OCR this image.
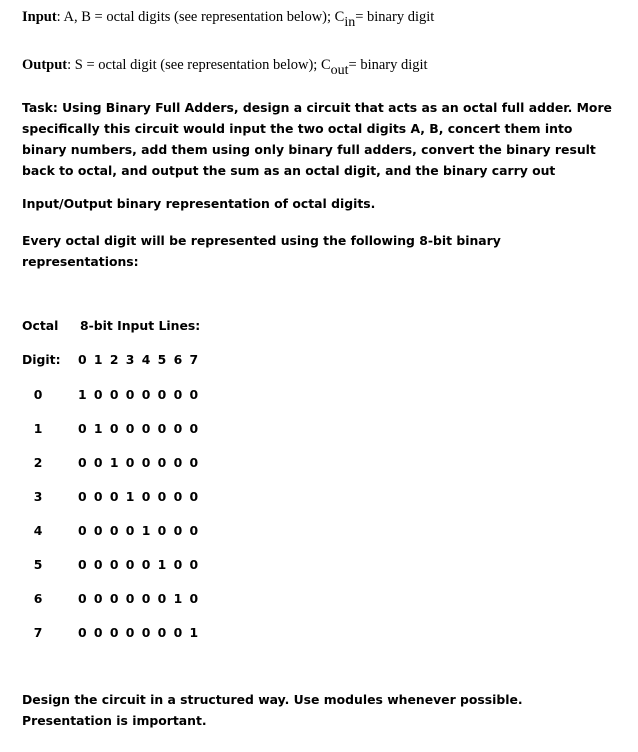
Input: A, B = octal digits (see representation below); $C_{in}=$ binary digit
Output: S = octal digit (see representation below); $C_{out}=$ binary digit
Task: Using Binary Full Adders, design a circuit that acts as an octal full adder. More specifically this circuit would input the two octal digits A, B, concert them into binary numbers, add them using only binary full adders, convert the binary result back to octal, and output the sum as an octal digit, and the binary carry out
Input/Output binary representation of octal digits.
Every octal digit will be represented using the following 8-bit binary representations:
Octal 8-bit Input Lines:
Digit: 0 1 2 3 4 5 6 7
0	1 0 0 0 0 0 0 0
1	0 1 0 0 0 0 0 0
2	0 0 1 0 0 0 0 0
3	0 0 0 1 0 0 0 0
4	0 0 0 0 1 0 0 0
5	0 0 0 0 0 1 0 0
6	0 0 0 0 0 0 1 0
7	0 0 0 0 0 0 0 1
Design the circuit in a structured way. Use modules whenever possible.
Presentation is important.
